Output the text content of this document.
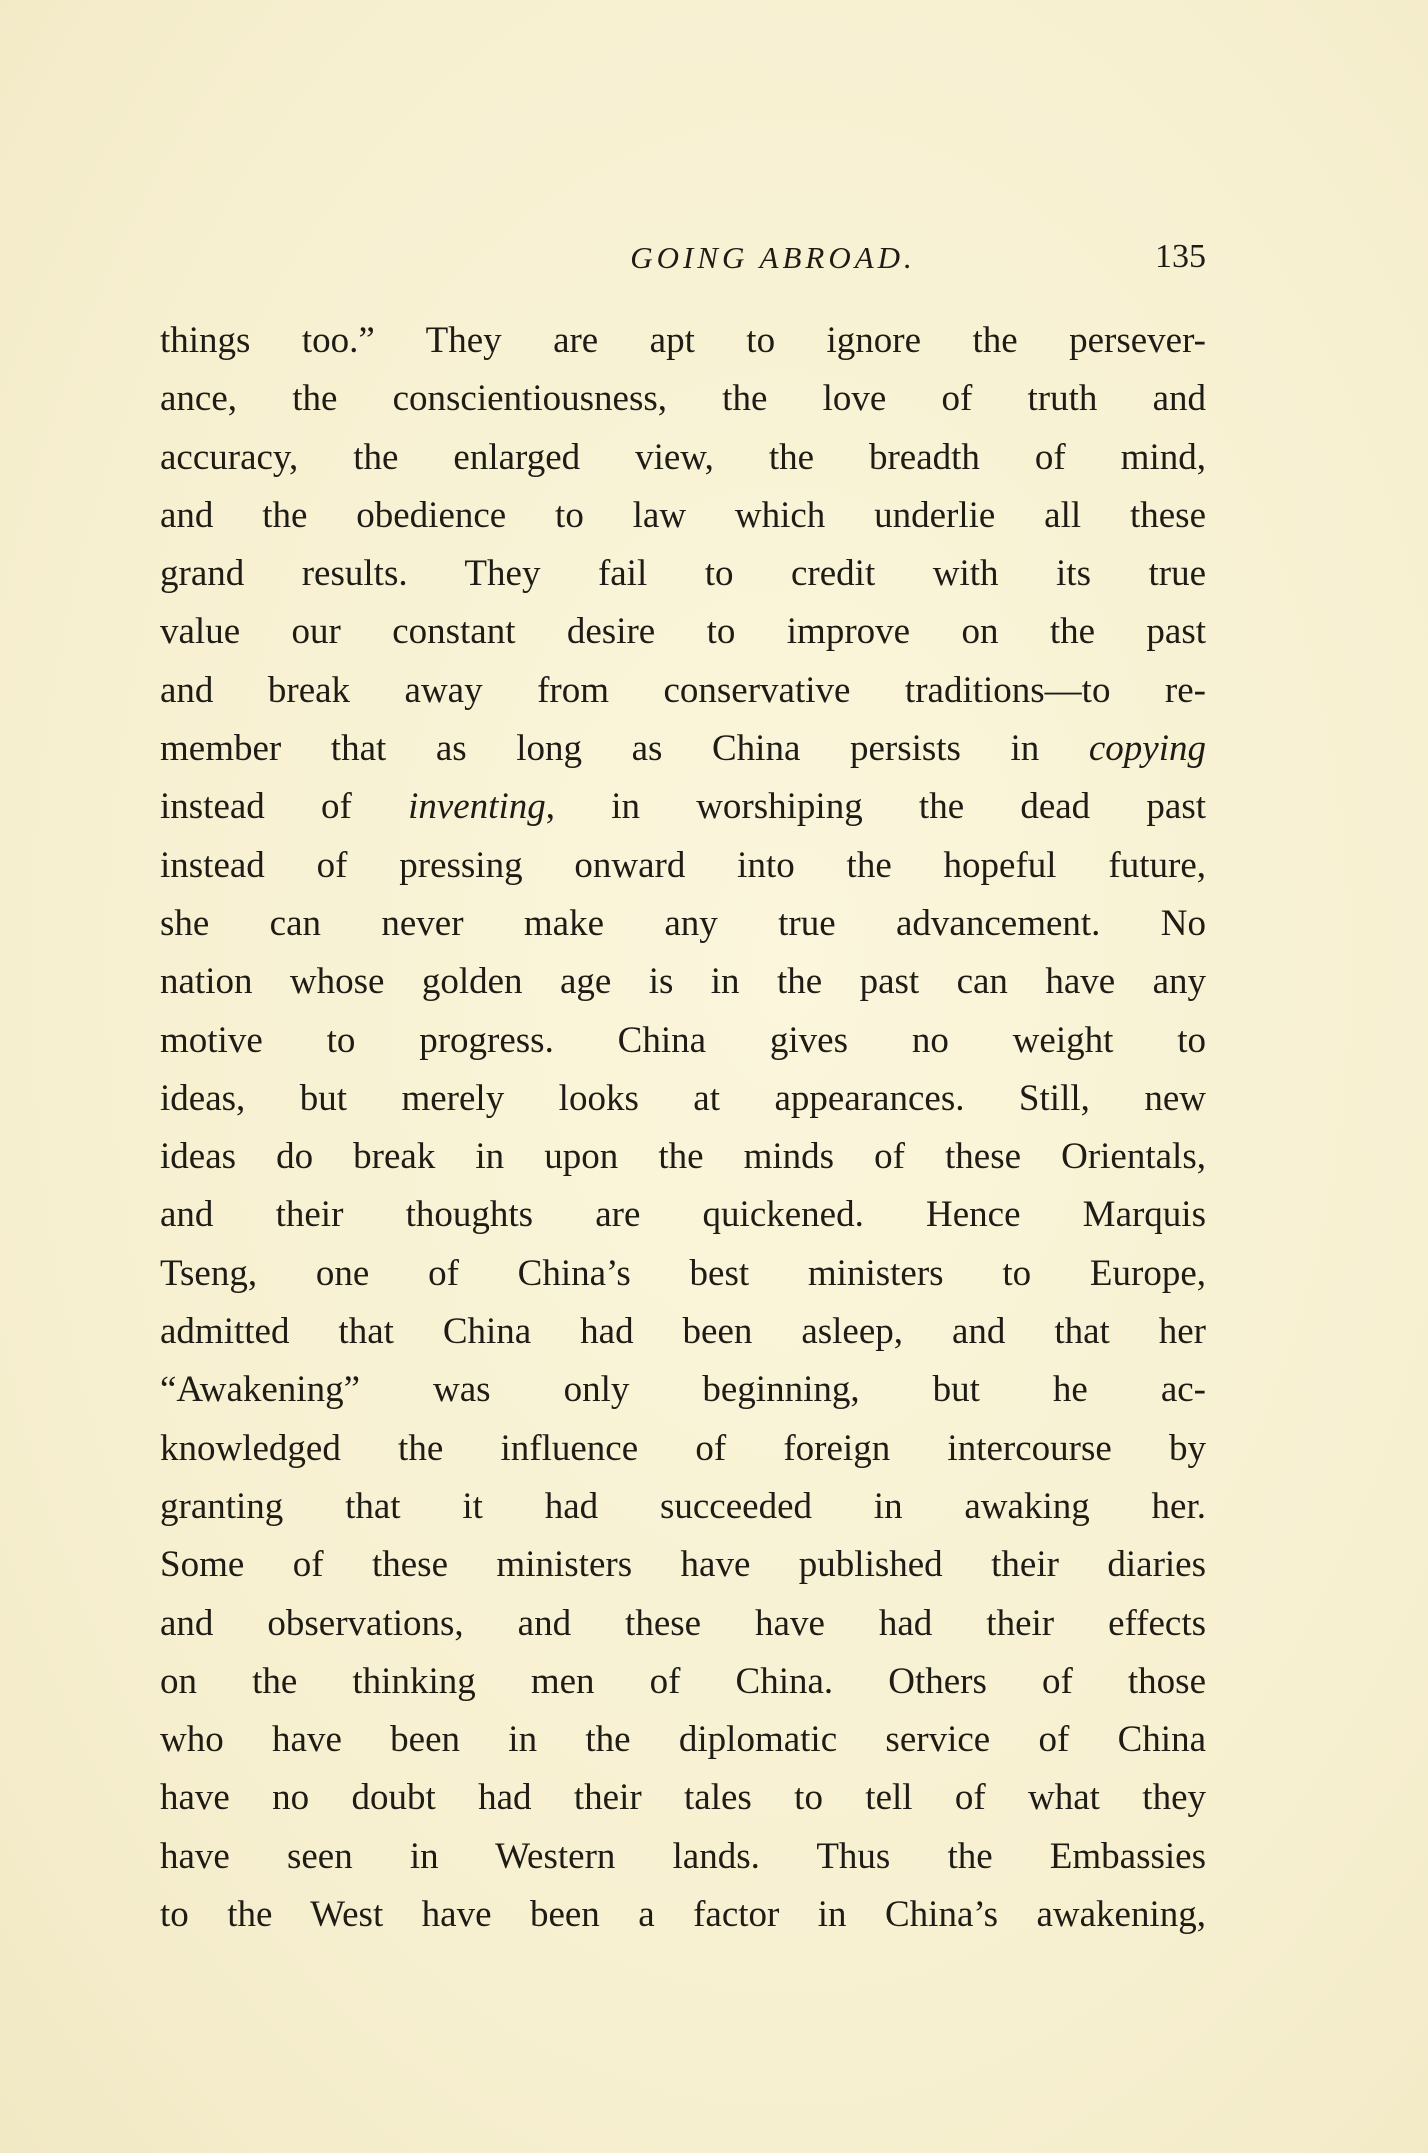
GOING ABROAD.	135
things too.” They are apt to ignore the persever-
ance, the conscientiousness, the love of truth and
accuracy, the enlarged view, the breadth of mind,
and the obedience to law which underlie all these
grand results. They fail to credit with its true
value our constant desire to improve on the past
and break away from conservative traditions—to re-
member that as long as China persists in copying
instead of inventing, in worshiping the dead past
instead of pressing onward into the hopeful future,
she can never make any true advancement. No
nation whose golden age is in the past can have any
motive to progress. China gives no weight to
ideas, but merely looks at appearances. Still, new
ideas do break in upon the minds of these Orientals,
and their thoughts are quickened. Hence Marquis
Tseng, one of China’s best ministers to Europe,
admitted that China had been asleep, and that her
“Awakening” was only beginning, but he ac-
knowledged the influence of foreign intercourse by
granting that it had succeeded in awaking her.
Some of these ministers have published their diaries
and observations, and these have had their effects
on the thinking men of China. Others of those
who have been in the diplomatic service of China
have no doubt had their tales to tell of what they
have seen in Western lands. Thus the Embassies
to the West have been a factor in China’s awakening,
